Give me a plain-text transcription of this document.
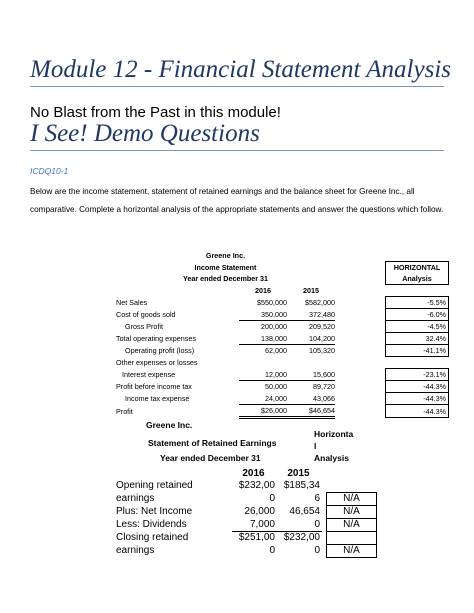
Module 12 - Financial Statement Analysis
No Blast from the Past in this module!
I See! Demo Questions
ICDQ10-1
Below are the income statement, statement of retained earnings and the balance sheet for Greene Inc., all comparative. Complete a horizontal analysis of the appropriate statements and answer the questions which follow.
Greene Inc.				
Income Statement				HORIZONTAL
Year ended December 31				Analysis
	2016	2015		
Net Sales	$550,000	$582,000		-5.5%
Cost of goods sold	350,000	372,480		-6.0%
Gross Profit	200,000	209,520		-4.5%
Total operating expenses	138,000	104,200		32.4%
Operating profit (loss)	62,000	105,320		-41.1%
Other expenses or losses				
Interest expense	12,000	15,600		-23.1%
Profit before income tax	50,000	89,720		-44.3%
Income tax expense	24,000	43,066		-44.3%
Profit	$26,000	$46,654		-44.3%
Greene Inc.
Statement of Retained Earnings
Year ended December 31
Horizonta
l
Analysis
	2016	2015		
Opening retained	$232,00	$185,34		
earnings	0	6		N/A
Plus: Net Income	26,000	46,654		N/A
Less: Dividends	7,000	0		N/A
Closing retained	$251,00	$232,00		
earnings	0	0		N/A
